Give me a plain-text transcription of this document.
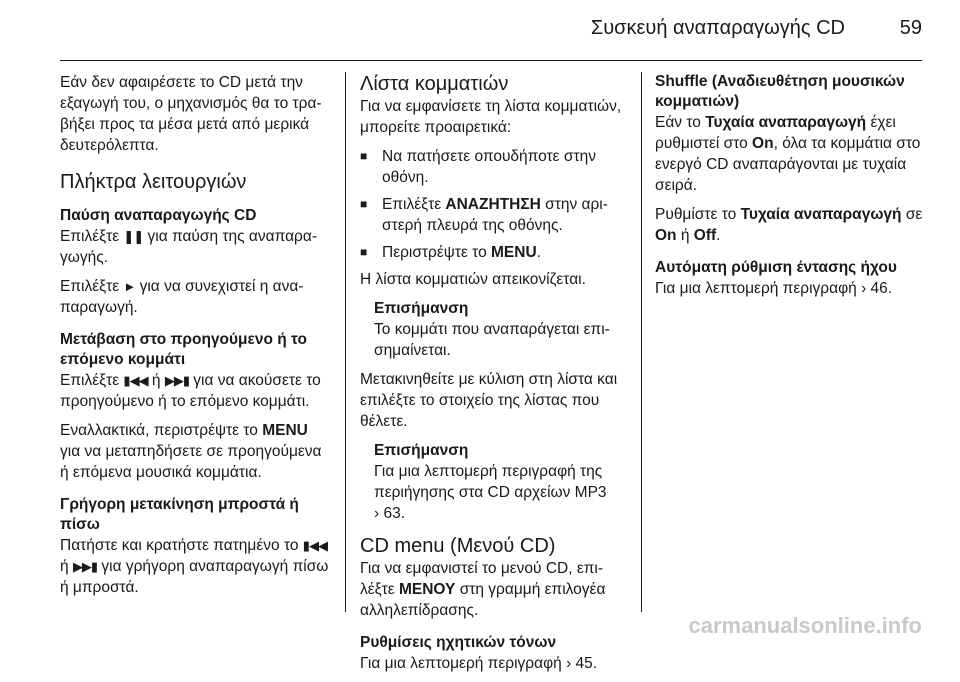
Συσκευή αναπαραγωγής CD	59

Εάν δεν αφαιρέσετε το CD μετά την εξαγωγή του, ο μηχανισμός θα το τραβήξει προς τα μέσα μετά από μερικά δευτερόλεπτα.

Πλήκτρα λειτουργιών
Παύση αναπαραγωγής CD

Επιλέξτε ❚❚ για παύση της αναπαραγωγής.

Επιλέξτε ► για να συνεχιστεί η αναπαραγωγή.

Μετάβαση στο προηγούμενο ή το επόμενο κομμάτι

Επιλέξτε ▮◀◀ ή ▶▶▮ για να ακούσετε το προηγούμενο ή το επόμενο κομμάτι.

Εναλλακτικά, περιστρέψτε το MENU για να μεταπηδήσετε σε προηγούμενα ή επόμενα μουσικά κομμάτια.

Γρήγορη μετακίνηση μπροστά ή πίσω

Πατήστε και κρατήστε πατημένο το ▮◀◀ ή ▶▶▮ για γρήγορη αναπαραγωγή πίσω ή μπροστά.

Λίστα κομματιών

Για να εμφανίσετε τη λίστα κομματιών, μπορείτε προαιρετικά:

■ Να πατήσετε οπουδήποτε στην οθόνη.
■ Επιλέξτε ΑΝΑΖΗΤΗΣΗ στην αριστερή πλευρά της οθόνης.
■ Περιστρέψτε το MENU.

Η λίστα κομματιών απεικονίζεται.

Επισήμανση
Το κομμάτι που αναπαράγεται επισημαίνεται.

Μετακινηθείτε με κύλιση στη λίστα και επιλέξτε το στοιχείο της λίστας που θέλετε.

Επισήμανση
Για μια λεπτομερή περιγραφή της περιήγησης στα CD αρχείων MP3
› 63.
CD menu (Μενού CD)

Για να εμφανιστεί το μενού CD, επιλέξτε ΜΕΝΟΥ στη γραμμή επιλογέα αλληλεπίδρασης.

Ρυθμίσεις ηχητικών τόνων

Για μια λεπτομερή περιγραφή › 45.

Shuffle (Αναδιευθέτηση μουσικών κομματιών)

Εάν το Τυχαία αναπαραγωγή έχει ρυθμιστεί στο On, όλα τα κομμάτια στο ενεργό CD αναπαράγονται με τυχαία σειρά.

Ρυθμίστε το Τυχαία αναπαραγωγή σε On ή Off.

Αυτόματη ρύθμιση έντασης ήχου

Για μια λεπτομερή περιγραφή › 46.

carmanualsonline.info
